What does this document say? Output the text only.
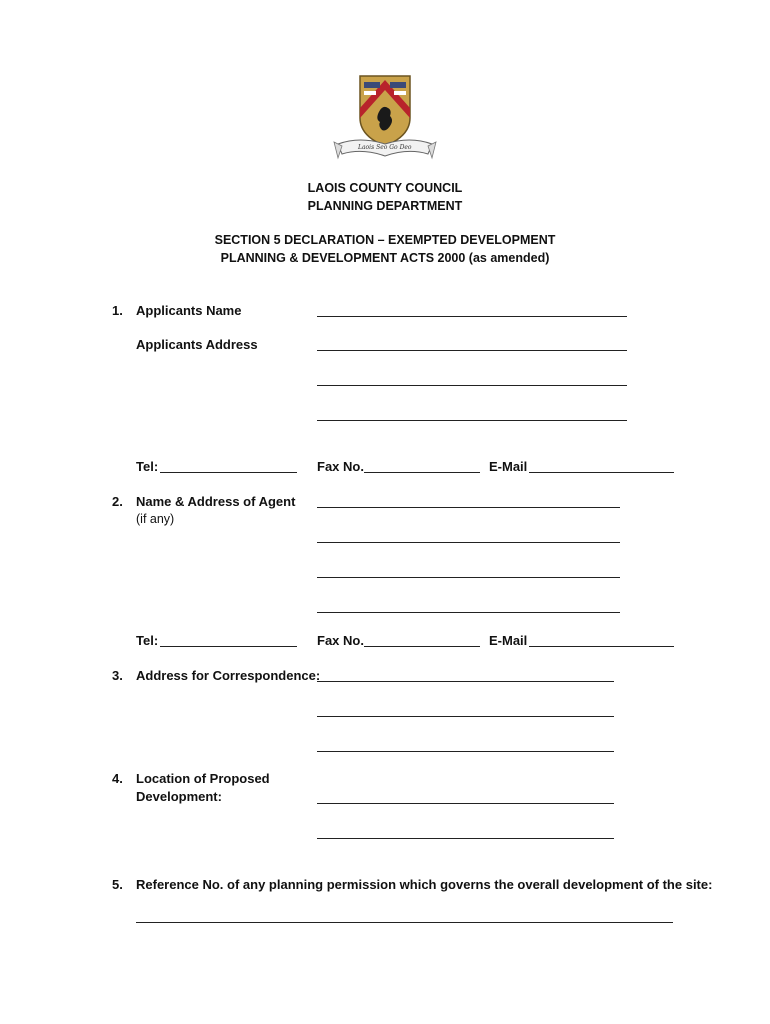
Laois Seo Go Deo
LAOIS COUNTY COUNCIL
PLANNING DEPARTMENT
SECTION 5 DECLARATION – EXEMPTED DEVELOPMENT
PLANNING & DEVELOPMENT ACTS 2000 (as amended)
1. Applicants Name
Applicants Address
Tel:	Fax No.	E-Mail
2. Name & Address of Agent
(if any)
Tel:	Fax No.	E-Mail
3. Address for Correspondence:
4. Location of Proposed
Development:
5. Reference No. of any planning permission which governs the overall development of the site:
